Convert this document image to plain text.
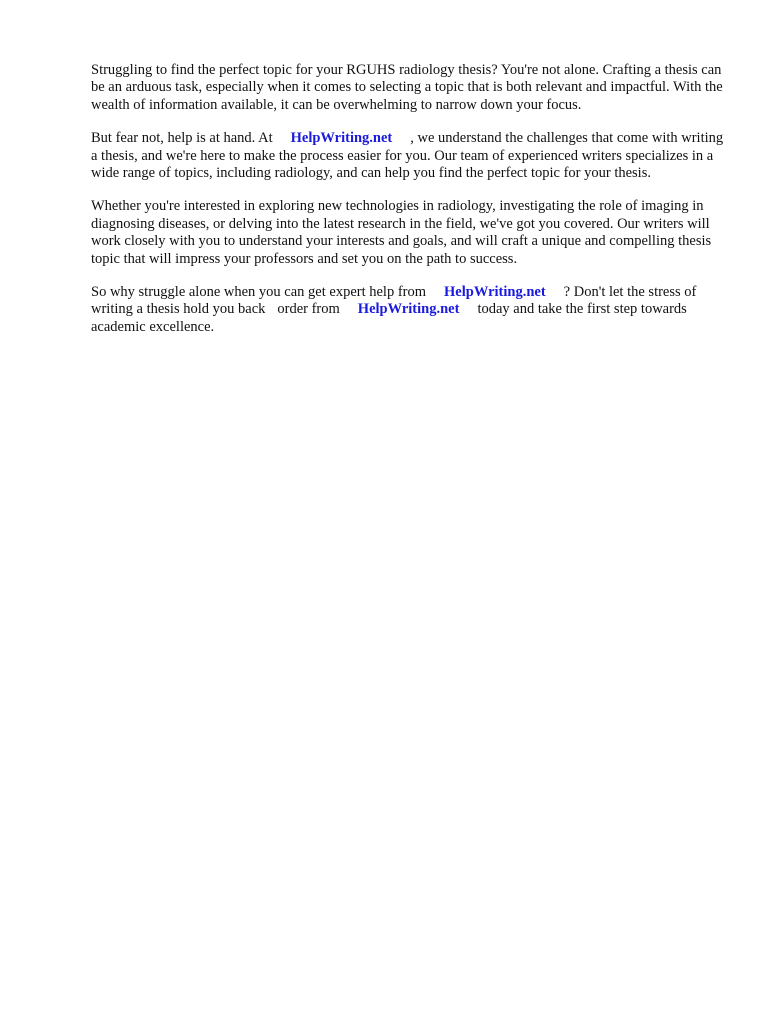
Struggling to find the perfect topic for your RGUHS radiology thesis? You're not alone. Crafting a thesis can be an arduous task, especially when it comes to selecting a topic that is both relevant and impactful. With the wealth of information available, it can be overwhelming to narrow down your focus.

But fear not, help is at hand. At HelpWriting.net , we understand the challenges that come with writing a thesis, and we're here to make the process easier for you. Our team of experienced writers specializes in a wide range of topics, including radiology, and can help you find the perfect topic for your thesis.

Whether you're interested in exploring new technologies in radiology, investigating the role of imaging in diagnosing diseases, or delving into the latest research in the field, we've got you covered. Our writers will work closely with you to understand your interests and goals, and will craft a unique and compelling thesis topic that will impress your professors and set you on the path to success.

So why struggle alone when you can get expert help from HelpWriting.net ? Don't let the stress of writing a thesis hold you back order from HelpWriting.net today and take the first step towards academic excellence.
